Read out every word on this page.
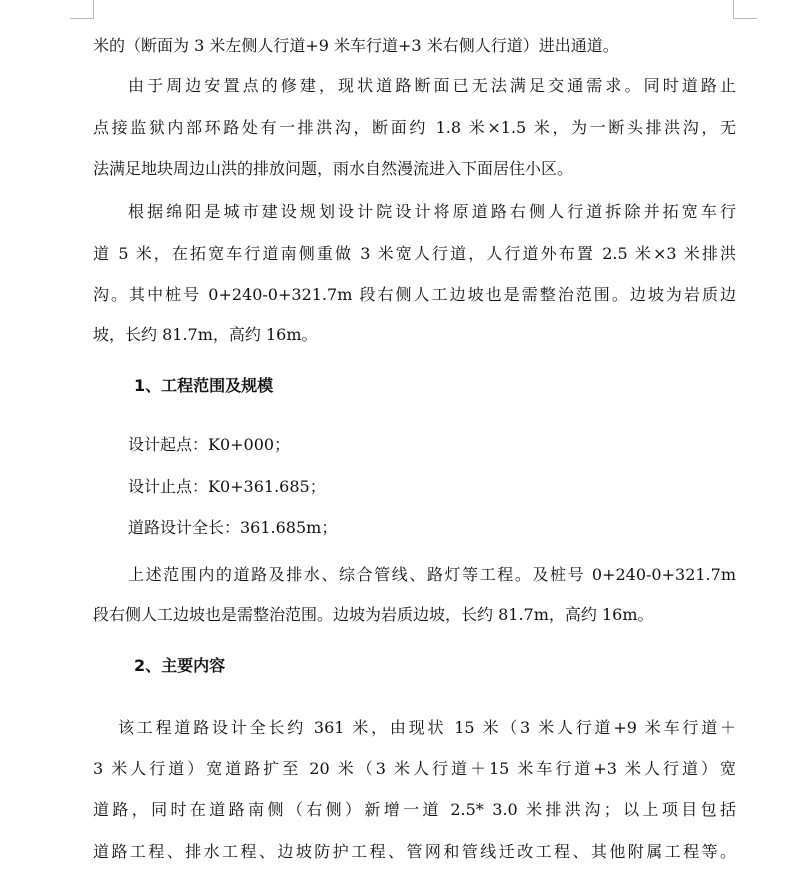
米的（断面为 3 米左侧人行道+9 米车行道+3 米右侧人行道）进出通道。

由于周边安置点的修建，现状道路断面已无法满足交通需求。同时道路止

点接监狱内部环路处有一排洪沟，断面约 1.8 米×1.5 米，为一断头排洪沟，无

法满足地块周边山洪的排放问题，雨水自然漫流进入下面居住小区。

根据绵阳是城市建设规划设计院设计将原道路右侧人行道拆除并拓宽车行

道 5 米，在拓宽车行道南侧重做 3 米宽人行道，人行道外布置 2.5 米×3 米排洪

沟。其中桩号 0+240-0+321.7m 段右侧人工边坡也是需整治范围。边坡为岩质边

坡，长约 81.7m，高约 16m。

1、工程范围及规模

设计起点：K0+000；

设计止点：K0+361.685；

道路设计全长：361.685m；

上述范围内的道路及排水、综合管线、路灯等工程。及桩号 0+240-0+321.7m

段右侧人工边坡也是需整治范围。边坡为岩质边坡，长约 81.7m，高约 16m。

2、主要内容

该工程道路设计全长约 361 米，由现状 15 米（3 米人行道+9 米车行道＋

3 米人行道）宽道路扩至 20 米（3 米人行道＋15 米车行道+3 米人行道）宽

道路，同时在道路南侧（右侧）新增一道 2.5* 3.0 米排洪沟；以上项目包括

道路工程、排水工程、边坡防护工程、管网和管线迁改工程、其他附属工程等。
